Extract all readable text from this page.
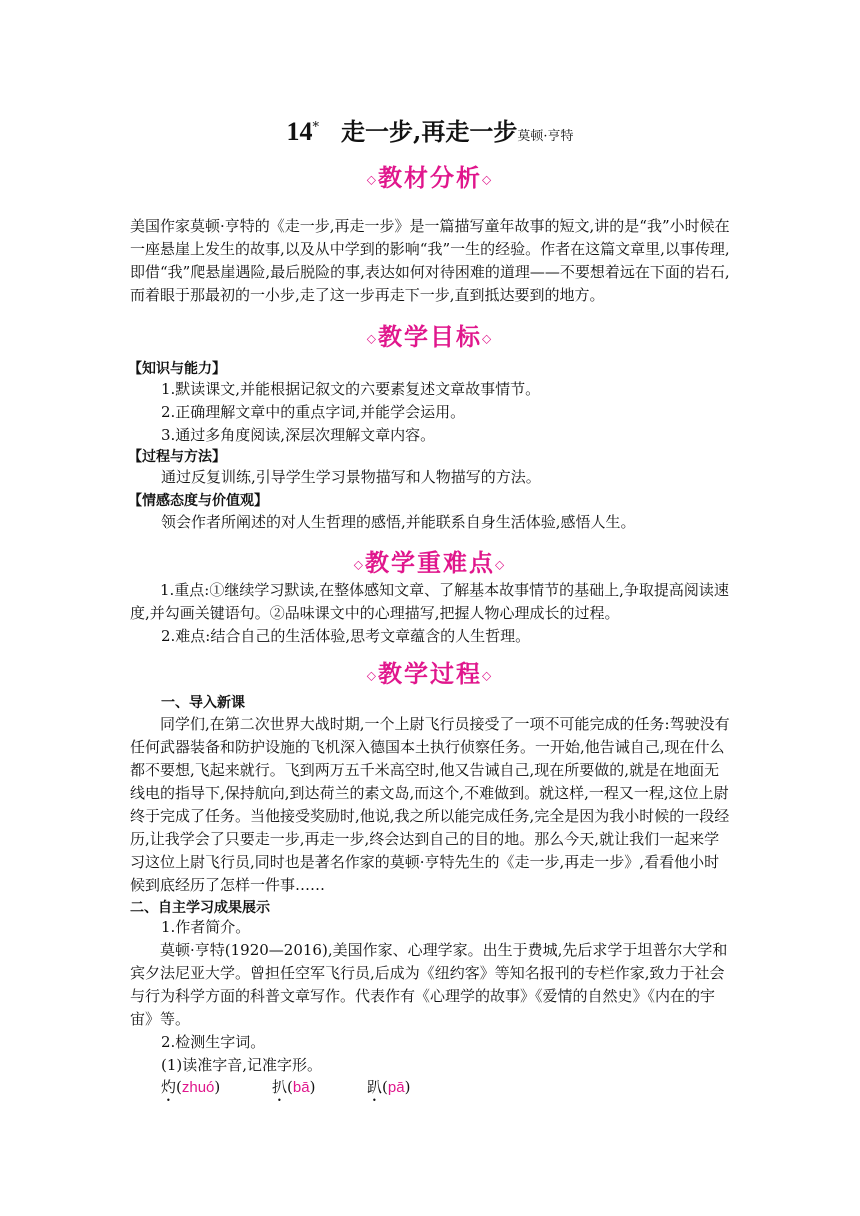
14* 走一步,再走一步莫顿·亨特
◇教材分析◇
美国作家莫顿·亨特的《走一步,再走一步》是一篇描写童年故事的短文,讲的是“我”小时候在一座悬崖上发生的故事,以及从中学到的影响“我”一生的经验。作者在这篇文章里,以事传理,即借“我”爬悬崖遇险,最后脱险的事,表达如何对待困难的道理——不要想着远在下面的岩石,而着眼于那最初的一小步,走了这一步再走下一步,直到抵达要到的地方。
◇教学目标◇
【知识与能力】
1.默读课文,并能根据记叙文的六要素复述文章故事情节。
2.正确理解文章中的重点字词,并能学会运用。
3.通过多角度阅读,深层次理解文章内容。
【过程与方法】
通过反复训练,引导学生学习景物描写和人物描写的方法。
【情感态度与价值观】
领会作者所阐述的对人生哲理的感悟,并能联系自身生活体验,感悟人生。
◇教学重难点◇
1.重点:①继续学习默读,在整体感知文章、了解基本故事情节的基础上,争取提高阅读速度,并勾画关键语句。②品味课文中的心理描写,把握人物心理成长的过程。
2.难点:结合自己的生活体验,思考文章蕴含的人生哲理。
◇教学过程◇
一、导入新课
同学们,在第二次世界大战时期,一个上尉飞行员接受了一项不可能完成的任务:驾驶没有任何武器装备和防护设施的飞机深入德国本土执行侦察任务。一开始,他告诫自己,现在什么都不要想,飞起来就行。飞到两万五千米高空时,他又告诫自己,现在所要做的,就是在地面无线电的指导下,保持航向,到达荷兰的素文岛,而这个,不难做到。就这样,一程又一程,这位上尉终于完成了任务。当他接受奖励时,他说,我之所以能完成任务,完全是因为我小时候的一段经历,让我学会了只要走一步,再走一步,终会达到自己的目的地。那么今天,就让我们一起来学习这位上尉飞行员,同时也是著名作家的莫顿·亨特先生的《走一步,再走一步》,看看他小时候到底经历了怎样一件事……
二、自主学习成果展示
1.作者简介。
莫顿·亨特(1920—2016),美国作家、心理学家。出生于费城,先后求学于坦普尔大学和宾夕法尼亚大学。曾担任空军飞行员,后成为《纽约客》等知名报刊的专栏作家,致力于社会与行为科学方面的科普文章写作。代表作有《心理学的故事》《爱情的自然史》《内在的宇宙》等。
2.检测生字词。
(1)读准字音,记准字形。
灼(zhuó)	扒(bā)	趴(pā)
